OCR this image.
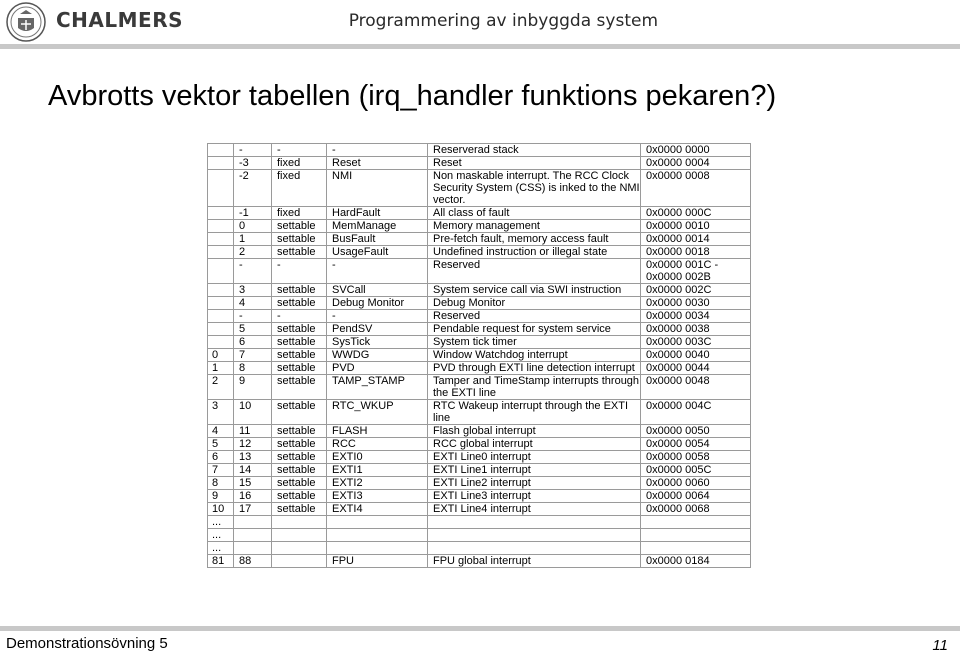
CHALMERS	Programmering av inbyggda system
Avbrotts vektor tabellen (irq_handler funktions pekaren?)
	-	-	-	Reserverad stack	0x0000 0000
	-3	fixed	Reset	Reset	0x0000 0004
	-2	fixed	NMI	Non maskable interrupt. The RCC Clock Security System (CSS) is inked to the NMI vector.	0x0000 0008
	-1	fixed	HardFault	All class of fault	0x0000 000C
	0	settable	MemManage	Memory management	0x0000 0010
	1	settable	BusFault	Pre-fetch fault, memory access fault	0x0000 0014
	2	settable	UsageFault	Undefined instruction or illegal state	0x0000 0018
	-	-	-	Reserved	0x0000 001C - 0x0000 002B
	3	settable	SVCall	System service call via SWI instruction	0x0000 002C
	4	settable	Debug Monitor	Debug Monitor	0x0000 0030
	-	-	-	Reserved	0x0000 0034
	5	settable	PendSV	Pendable request for system service	0x0000 0038
	6	settable	SysTick	System tick timer	0x0000 003C
0	7	settable	WWDG	Window Watchdog interrupt	0x0000 0040
1	8	settable	PVD	PVD through EXTI line detection interrupt	0x0000 0044
2	9	settable	TAMP_STAMP	Tamper and TimeStamp interrupts through the EXTI line	0x0000 0048
3	10	settable	RTC_WKUP	RTC Wakeup interrupt through the EXTI line	0x0000 004C
4	11	settable	FLASH	Flash global interrupt	0x0000 0050
5	12	settable	RCC	RCC global interrupt	0x0000 0054
6	13	settable	EXTI0	EXTI Line0 interrupt	0x0000 0058
7	14	settable	EXTI1	EXTI Line1 interrupt	0x0000 005C
8	15	settable	EXTI2	EXTI Line2 interrupt	0x0000 0060
9	16	settable	EXTI3	EXTI Line3 interrupt	0x0000 0064
10	17	settable	EXTI4	EXTI Line4 interrupt	0x0000 0068
...					
...					
...					
81	88		FPU	FPU global interrupt	0x0000 0184
Demonstrationsövning 5	11
